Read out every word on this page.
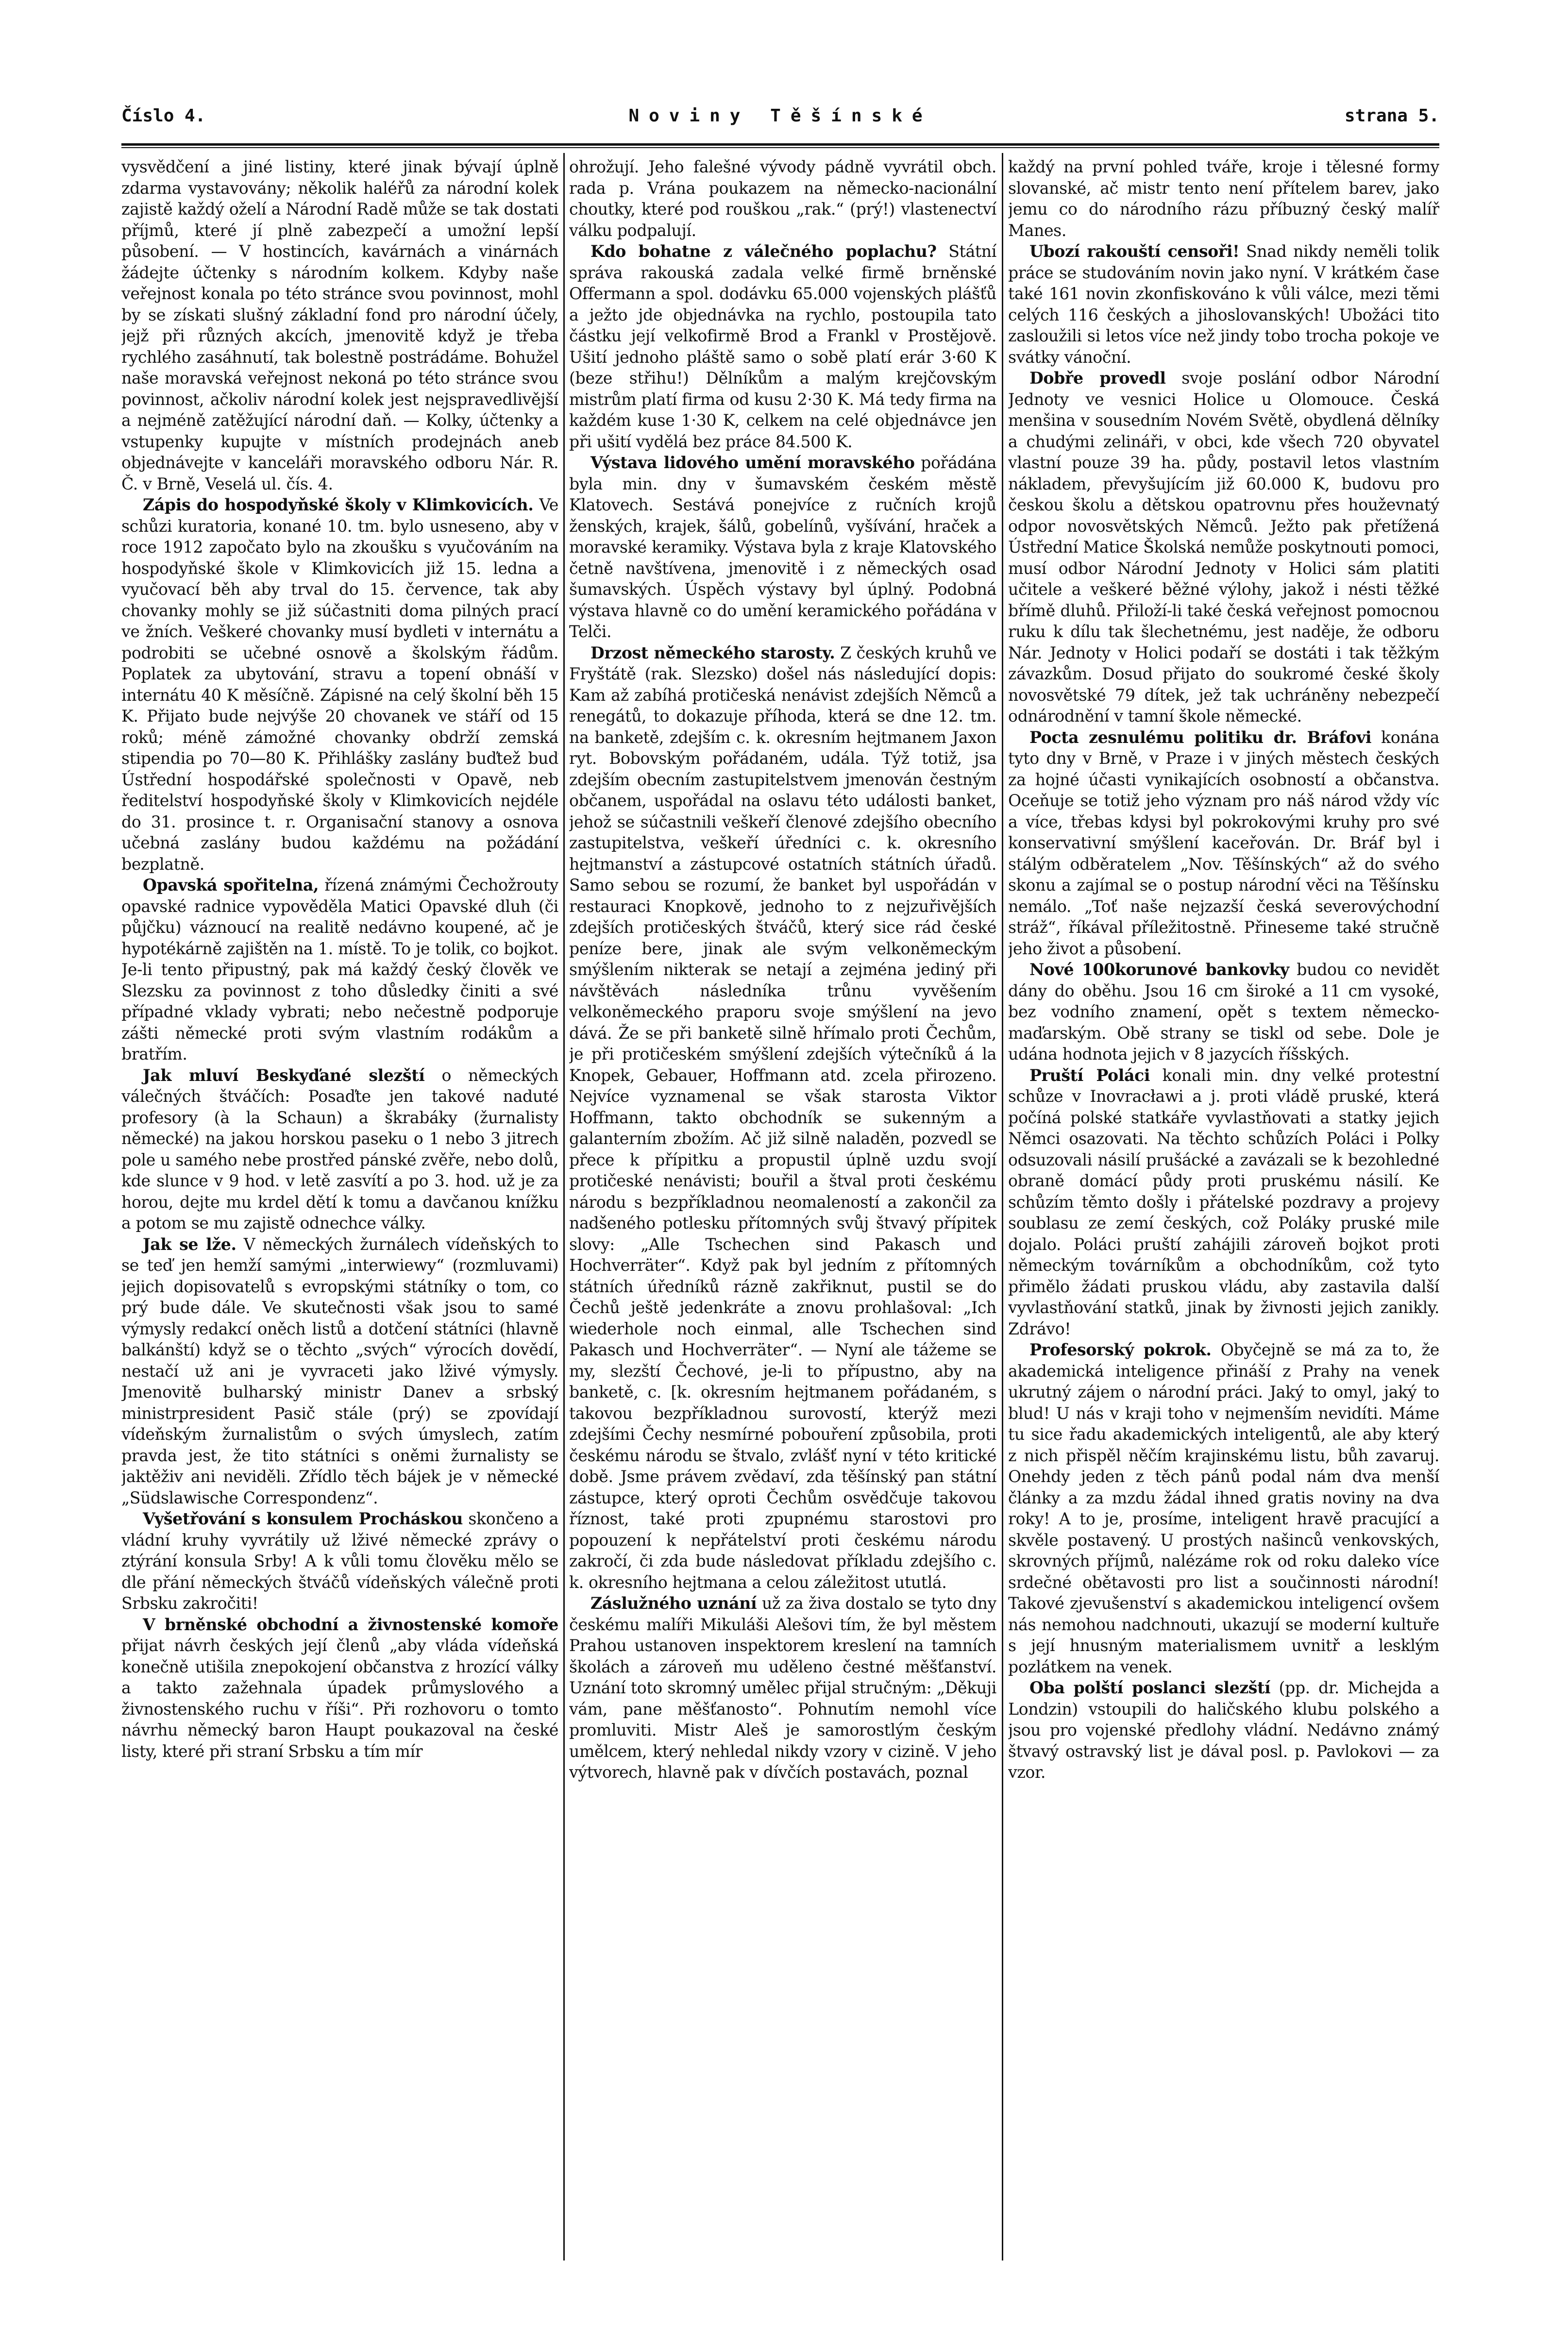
Číslo 4.	Noviny Těšínské	strana 5.

vysvědčení a jiné listiny, které jinak bývají úplně zdarma vystavovány; několik haléřů za národní kolek zajistě každý oželí a Národní Radě může se tak dostati příjmů, které jí plně zabezpečí a umožní lepší působení. — V hostincích, kavárnách a vinárnách žádejte účtenky s národním kolkem. Kdyby naše veřejnost konala po této stránce svou povinnost, mohl by se získati slušný základní fond pro národní účely, jejž při různých akcích, jmenovitě když je třeba rychlého zasáhnutí, tak bolestně postrádáme. Bohužel naše moravská veřejnost nekoná po této stránce svou povinnost, ačkoliv národní kolek jest nejspravedlivější a nejméně zatěžující národní daň. — Kolky, účtenky a vstupenky kupujte v místních prodejnách aneb objednávejte v kanceláři moravského odboru Nár. R. Č. v Brně, Veselá ul. čís. 4.

Zápis do hospodyňské školy v Klimkovicích. Ve schůzi kuratoria, konané 10. tm. bylo usneseno, aby v roce 1912 započato bylo na zkoušku s vyučováním na hospodyňské škole v Klimkovicích již 15. ledna a vyučovací běh aby trval do 15. července, tak aby chovanky mohly se již súčastniti doma pilných prací ve žních. Veškeré chovanky musí bydleti v internátu a podrobiti se učebné osnově a školským řádům. Poplatek za ubytování, stravu a topení obnáší v internátu 40 K měsíčně. Zápisné na celý školní běh 15 K. Přijato bude nejvýše 20 chovanek ve stáří od 15 roků; méně zámožné chovanky obdrží zemská stipendia po 70—80 K. Přihlášky zaslány buďtež buď Ústřední hospodářské společnosti v Opavě, neb ředitelství hospodyňské školy v Klimkovicích nejdéle do 31. prosince t. r. Organisační stanovy a osnova učebná zaslány budou každému na požádání bezplatně.

Opavská spořitelna, řízená známými Čechožrouty opavské radnice vypověděla Matici Opavské dluh (či půjčku) váznoucí na realitě nedávno koupené, ač je hypotékárně zajištěn na 1. místě. To je tolik, co bojkot. Je-li tento připustný, pak má každý český člověk ve Slezsku za povinnost z toho důsledky činiti a své případné vklady vybrati; nebo nečestně podporuje zášti německé proti svým vlastním rodákům a bratřím.

Jak mluví Beskyďané slezští o německých válečných štváčích: Posaďte jen takové naduté profesory (à la Schaun) a škrabáky (žurnalisty německé) na jakou horskou paseku o 1 nebo 3 jitrech pole u samého nebe prostřed pánské zvěře, nebo dolů, kde slunce v 9 hod. v letě zasvítí a po 3. hod. už je za horou, dejte mu krdel dětí k tomu a davčanou knížku a potom se mu zajistě odnechce války.

Jak se lže. V německých žurnálech vídeňských to se teď jen hemží samými „interwiewy“ (rozmluvami) jejich dopisovatelů s evropskými státníky o tom, co prý bude dále. Ve skutečnosti však jsou to samé výmysly redakcí oněch listů a dotčení státníci (hlavně balkánští) když se o těchto „svých“ výrocích dovědí, nestačí už ani je vyvraceti jako lživé výmysly. Jmenovitě bulharský ministr Danev a srbský ministrpresident Pasič stále (prý) se zpovídají vídeňským žurnalistům o svých úmyslech, zatím pravda jest, že tito státníci s oněmi žurnalisty se jaktěživ ani neviděli. Zřídlo těch bájek je v německé „Südslawische Correspondenz“.

Vyšetřování s konsulem Procháskou skončeno a vládní kruhy vyvrátily už lživé německé zprávy o ztýrání konsula Srby! A k vůli tomu člověku mělo se dle přání německých štváčů vídeňských válečně proti Srbsku zakročiti!

V brněnské obchodní a živnostenské komoře přijat návrh českých její členů „aby vláda vídeňská konečně utišila znepokojení občanstva z hrozící války a takto zažehnala úpadek průmyslového a živnostenského ruchu v říši“. Při rozhovoru o tomto návrhu německý baron Haupt poukazoval na české listy, které při straní Srbsku a tím mír

ohrožují. Jeho falešné vývody pádně vyvrátil obch. rada p. Vrána poukazem na německo-nacionální choutky, které pod rouškou „rak.“ (prý!) vlastenectví válku podpalují.

Kdo bohatne z válečného poplachu? Státní správa rakouská zadala velké firmě brněnské Offermann a spol. dodávku 65.000 vojenských plášťů a ježto jde objednávka na rychlo, postoupila tato částku její velkofirmě Brod a Frankl v Prostějově. Ušití jednoho pláště samo o sobě platí erár 3·60 K (beze střihu!) Dělníkům a malým krejčovským mistrům platí firma od kusu 2·30 K. Má tedy firma na každém kuse 1·30 K, celkem na celé objednávce jen při ušití vydělá bez práce 84.500 K.

Výstava lidového umění moravského pořádána byla min. dny v šumavském českém městě Klatovech. Sestává ponejvíce z ručních krojů ženských, krajek, šálů, gobelínů, vyšívání, hraček a moravské keramiky. Výstava byla z kraje Klatovského četně navštívena, jmenovitě i z německých osad šumavských. Úspěch výstavy byl úplný. Podobná výstava hlavně co do umění keramického pořádána v Telči.

Drzost německého starosty. Z českých kruhů ve Fryštátě (rak. Slezsko) došel nás následující dopis: Kam až zabíhá protičeská nenávist zdejších Němců a renegátů, to dokazuje příhoda, která se dne 12. tm. na banketě, zdejším c. k. okresním hejtmanem Jaxon ryt. Bobovským pořádaném, udála. Týž totiž, jsa zdejším obecním zastupitelstvem jmenován čestným občanem, uspořádal na oslavu této události banket, jehož se súčastnili veškeří členové zdejšího obecního zastupitelstva, veškeří úředníci c. k. okresního hejtmanství a zástupcové ostatních státních úřadů. Samo sebou se rozumí, že banket byl uspořádán v restauraci Knopkově, jednoho to z nejzuřivějších zdejších protičeských štváčů, který sice rád české peníze bere, jinak ale svým velkoněmeckým smýšlením nikterak se netají a zejména jediný při návštěvách následníka trůnu vyvěšením velkoněmeckého praporu svoje smýšlení na jevo dává. Že se při banketě silně hřímalo proti Čechům, je při protičeském smýšlení zdejších výtečníků á la Knopek, Gebauer, Hoffmann atd. zcela přirozeno. Nejvíce vyznamenal se však starosta Viktor Hoffmann, takto obchodník se sukenným a galanterním zbožím. Ač již silně naladěn, pozvedl se přece k přípitku a propustil úplně uzdu svojí protičeské nenávisti; bouřil a štval proti českému národu s bezpříkladnou neomaleností a zakončil za nadšeného potlesku přítomných svůj štvavý přípitek slovy: „Alle Tschechen sind Pakasch und Hochverräter“. Když pak byl jedním z přítomných státních úředníků rázně zakřiknut, pustil se do Čechů ještě jedenkráte a znovu prohlašoval: „Ich wiederhole noch einmal, alle Tschechen sind Pakasch und Hochverräter“. — Nyní ale tážeme se my, slezští Čechové, je-li to přípustno, aby na banketě, c. [k. okresním hejtmanem pořádaném, s takovou bezpříkladnou surovostí, kterýž mezi zdejšími Čechy nesmírné pobouření způsobila, proti českému národu se štvalo, zvlášť nyní v této kritické době. Jsme právem zvědaví, zda těšínský pan státní zástupce, který oproti Čechům osvědčuje takovou říznost, také proti zpupnému starostovi pro popouzení k nepřátelství proti českému národu zakročí, či zda bude následovat příkladu zdejšího c. k. okresního hejtmana a celou záležitost ututlá.

Záslužného uznání už za živa dostalo se tyto dny českému malíři Mikuláši Alešovi tím, že byl městem Prahou ustanoven inspektorem kreslení na tamních školách a zároveň mu uděleno čestné měšťanství. Uznání toto skromný umělec přijal stručným: „Děkuji vám, pane měšťanosto“. Pohnutím nemohl více promluviti. Mistr Aleš je samorostlým českým umělcem, který nehledal nikdy vzory v cizině. V jeho výtvorech, hlavně pak v dívčích postavách, poznal

každý na první pohled tváře, kroje i tělesné formy slovanské, ač mistr tento není přítelem barev, jako jemu co do národního rázu příbuzný český malíř Manes.

Ubozí rakouští censoři! Snad nikdy neměli tolik práce se studováním novin jako nyní. V krátkém čase také 161 novin zkonfiskováno k vůli válce, mezi těmi celých 116 českých a jihoslovanských! Ubožáci tito zasloužili si letos více než jindy tobo trocha pokoje ve svátky vánoční.

Dobře provedl svoje poslání odbor Národní Jednoty ve vesnici Holice u Olomouce. Česká menšina v sousedním Novém Světě, obydlená dělníky a chudými zelináři, v obci, kde všech 720 obyvatel vlastní pouze 39 ha. půdy, postavil letos vlastním nákladem, převyšujícím již 60.000 K, budovu pro českou školu a dětskou opatrovnu přes houževnatý odpor novosvětských Němců. Ježto pak přetížená Ústřední Matice Školská nemůže poskytnouti pomoci, musí odbor Národní Jednoty v Holici sám platiti učitele a veškeré běžné výlohy, jakož i nésti těžké břímě dluhů. Přiloží-li také česká veřejnost pomocnou ruku k dílu tak šlechetnému, jest naděje, že odboru Nár. Jednoty v Holici podaří se dostáti i tak těžkým závazkům. Dosud přijato do soukromé české školy novosvětské 79 dítek, jež tak uchráněny nebezpečí odnárodnění v tamní škole německé.

Pocta zesnulému politiku dr. Bráfovi konána tyto dny v Brně, v Praze i v jiných městech českých za hojné účasti vynikajících osobností a občanstva. Oceňuje se totiž jeho význam pro náš národ vždy víc a více, třebas kdysi byl pokrokovými kruhy pro své konservativní smýšlení kaceřován. Dr. Bráf byl i stálým odběratelem „Nov. Těšínských“ až do svého skonu a zajímal se o postup národní věci na Těšínsku nemálo. „Toť naše nejzazší česká severovýchodní stráž“, říkával příležitostně. Přineseme také stručně jeho život a působení.

Nové 100korunové bankovky budou co nevidět dány do oběhu. Jsou 16 cm široké a 11 cm vysoké, bez vodního znamení, opět s textem německo-maďarským. Obě strany se tiskl od sebe. Dole je udána hodnota jejich v 8 jazycích říšských.

Pruští Poláci konali min. dny velké protestní schůze v Inovracławi a j. proti vládě pruské, která počíná polské statkáře vyvlastňovati a statky jejich Němci osazovati. Na těchto schůzích Poláci i Polky odsuzovali násilí prušácké a zavázali se k bezohledné obraně domácí půdy proti pruskému násilí. Ke schůzím těmto došly i přátelské pozdravy a projevy soublasu ze zemí českých, což Poláky pruské mile dojalo. Poláci pruští zahájili zároveň bojkot proti německým továrníkům a obchodníkům, což tyto přimělo žádati pruskou vládu, aby zastavila další vyvlastňování statků, jinak by živnosti jejich zanikly. Zdrávo!

Profesorský pokrok. Obyčejně se má za to, že akademická inteligence přináší z Prahy na venek ukrutný zájem o národní práci. Jaký to omyl, jaký to blud! U nás v kraji toho v nejmenším nevidíti. Máme tu sice řadu akademických inteligentů, ale aby který z nich přispěl něčím krajinskému listu, bůh zavaruj. Onehdy jeden z těch pánů podal nám dva menší články a za mzdu žádal ihned gratis noviny na dva roky! A to je, prosíme, inteligent hravě pracující a skvěle postavený. U prostých našinců venkovských, skrovných příjmů, nalézáme rok od roku daleko více srdečné obětavosti pro list a součinnosti národní! Takové zjevušenství s akademickou inteligencí ovšem nás nemohou nadchnouti, ukazují se moderní kultuře s její hnusným materialismem uvnitř a lesklým pozlátkem na venek.

Oba polští poslanci slezští (pp. dr. Michejda a Londzin) vstoupili do haličského klubu polského a jsou pro vojenské předlohy vládní. Nedávno známý štvavý ostravský list je dával posl. p. Pavlokovi — za vzor.
